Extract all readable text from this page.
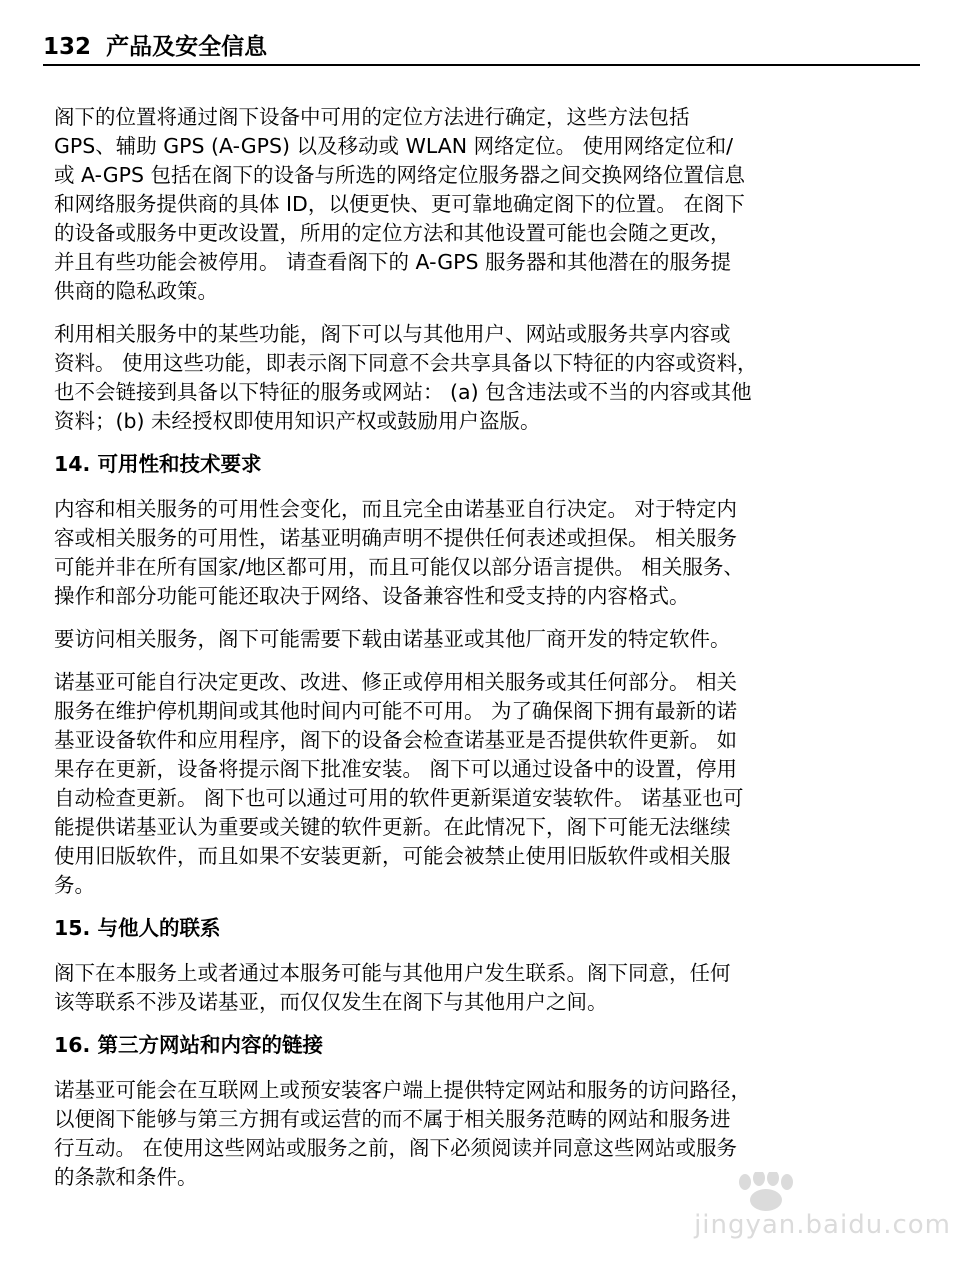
132 产品及安全信息

阁下的位置将通过阁下设备中可用的定位方法进行确定，这些方法包括
GPS、辅助 GPS (A-GPS) 以及移动或 WLAN 网络定位。 使用网络定位和/
或 A-GPS 包括在阁下的设备与所选的网络定位服务器之间交换网络位置信息
和网络服务提供商的具体 ID，以便更快、更可靠地确定阁下的位置。 在阁下
的设备或服务中更改设置，所用的定位方法和其他设置可能也会随之更改，
并且有些功能会被停用。 请查看阁下的 A-GPS 服务器和其他潜在的服务提
供商的隐私政策。

利用相关服务中的某些功能，阁下可以与其他用户、网站或服务共享内容或
资料。 使用这些功能，即表示阁下同意不会共享具备以下特征的内容或资料，
也不会链接到具备以下特征的服务或网站： (a) 包含违法或不当的内容或其他
资料；(b) 未经授权即使用知识产权或鼓励用户盗版。

14. 可用性和技术要求

内容和相关服务的可用性会变化，而且完全由诺基亚自行决定。 对于特定内
容或相关服务的可用性，诺基亚明确声明不提供任何表述或担保。 相关服务
可能并非在所有国家/地区都可用，而且可能仅以部分语言提供。 相关服务、
操作和部分功能可能还取决于网络、设备兼容性和受支持的内容格式。

要访问相关服务，阁下可能需要下载由诺基亚或其他厂商开发的特定软件。

诺基亚可能自行决定更改、改进、修正或停用相关服务或其任何部分。 相关
服务在维护停机期间或其他时间内可能不可用。 为了确保阁下拥有最新的诺
基亚设备软件和应用程序，阁下的设备会检查诺基亚是否提供软件更新。 如
果存在更新，设备将提示阁下批准安装。 阁下可以通过设备中的设置，停用
自动检查更新。 阁下也可以通过可用的软件更新渠道安装软件。 诺基亚也可
能提供诺基亚认为重要或关键的软件更新。在此情况下，阁下可能无法继续
使用旧版软件，而且如果不安装更新，可能会被禁止使用旧版软件或相关服
务。

15. 与他人的联系

阁下在本服务上或者通过本服务可能与其他用户发生联系。阁下同意，任何
该等联系不涉及诺基亚，而仅仅发生在阁下与其他用户之间。

16. 第三方网站和内容的链接

诺基亚可能会在互联网上或预安装客户端上提供特定网站和服务的访问路径，
以便阁下能够与第三方拥有或运营的而不属于相关服务范畴的网站和服务进
行互动。 在使用这些网站或服务之前，阁下必须阅读并同意这些网站或服务
的条款和条件。

jingyan.baidu.com
